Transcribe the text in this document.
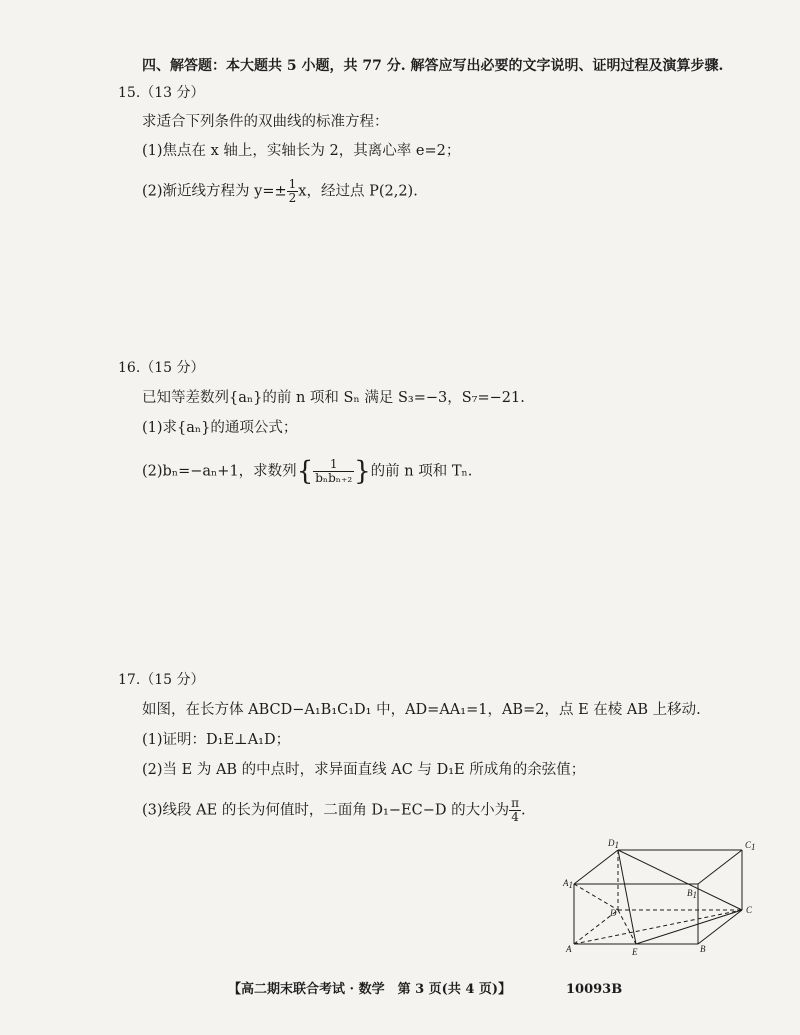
四、解答题：本大题共 5 小题，共 77 分. 解答应写出必要的文字说明、证明过程及演算步骤.
15.（13 分）
求适合下列条件的双曲线的标准方程：
(1)焦点在 x 轴上，实轴长为 2，其离心率 e=2；
(2)渐近线方程为 $y=\pm \frac{1}{2}$ x，经过点 P(2,2).
16.（15 分）
已知等差数列{aₙ}的前 n 项和 Sₙ 满足 S₃=−3，S₇=−21.
(1)求{aₙ}的通项公式；
(2)bₙ=−aₙ+1，求数列{ $\frac{1}{\text{bₙbₙ₊₂}}$ }的前 n 项和 Tₙ.
17.（15 分）
如图，在长方体 ABCD−A₁B₁C₁D₁ 中，AD=AA₁=1，AB=2，点 E 在棱 AB 上移动.
(1)证明：D₁E⊥A₁D；
(2)当 E 为 AB 的中点时，求异面直线 AC 与 D₁E 所成角的余弦值；
(3)线段 AE 的长为何值时，二面角 D₁−EC−D 的大小为 $\frac{\pi}{4}$ .
D1	C1
A1
B1
D	C
A	E	B
【高二期末联合考试 · 数学　第 3 页(共 4 页)】	10093B
